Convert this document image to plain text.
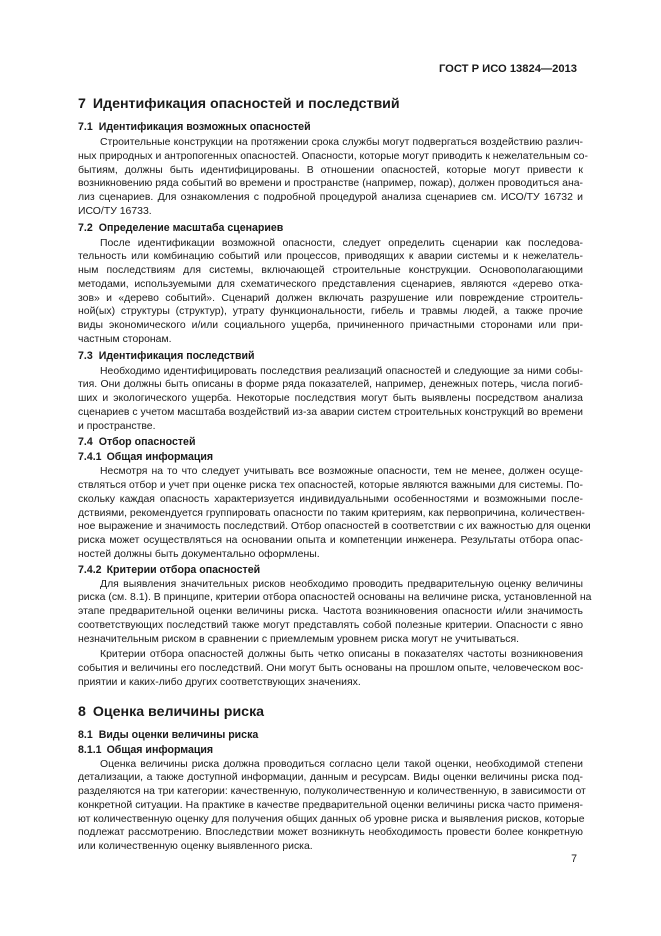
ГОСТ Р ИСО 13824—2013
7 Идентификация опасностей и последствий
7.1 Идентификация возможных опасностей

Строительные конструкции на протяжении срока службы могут подвергаться воздействию различ-
ных природных и антропогенных опасностей. Опасности, которые могут приводить к нежелательным со-
бытиям, должны быть идентифицированы. В отношении опасностей, которые могут привести к
возникновению ряда событий во времени и пространстве (например, пожар), должен проводиться ана-
лиз сценариев. Для ознакомления с подробной процедурой анализа сценариев см. ИСО/ТУ 16732 и
ИСО/ТУ 16733.

7.2 Определение масштаба сценариев

После идентификации возможной опасности, следует определить сценарии как последова-
тельность или комбинацию событий или процессов, приводящих к аварии системы и к нежелатель-
ным последствиям для системы, включающей строительные конструкции. Основополагающими
методами, используемыми для схематического представления сценариев, являются «дерево отка-
зов» и «дерево событий». Сценарий должен включать разрушение или повреждение строитель-
ной(ых) структуры (структур), утрату функциональности, гибель и травмы людей, а также прочие
виды экономического и/или социального ущерба, причиненного причастными сторонами или при-
частным сторонам.

7.3 Идентификация последствий

Необходимо идентифицировать последствия реализаций опасностей и следующие за ними собы-
тия. Они должны быть описаны в форме ряда показателей, например, денежных потерь, числа погиб-
ших и экологического ущерба. Некоторые последствия могут быть выявлены посредством анализа
сценариев с учетом масштаба воздействий из-за аварии систем строительных конструкций во времени
и пространстве.

7.4 Отбор опасностей
7.4.1 Общая информация

Несмотря на то что следует учитывать все возможные опасности, тем не менее, должен осуще-
ствляться отбор и учет при оценке риска тех опасностей, которые являются важными для системы. По-
скольку каждая опасность характеризуется индивидуальными особенностями и возможными послe-
дствиями, рекомендуется группировать опасности по таким критериям, как первопричина, количествен-
ное выражение и значимость последствий. Отбор опасностей в соответствии с их важностью для оценки
риска может осуществляться на основании опыта и компетенции инженера. Результаты отбора опас-
ностей должны быть документально оформлены.

7.4.2 Критерии отбора опасностей

Для выявления значительных рисков необходимо проводить предварительную оценку величины
риска (см. 8.1). В принципе, критерии отбора опасностей основаны на величине риска, установленной на
этапе предварительной оценки величины риска. Частота возникновения опасности и/или значимость
соответствующих последствий также могут представлять собой полезные критерии. Опасности с явно
незначительным риском в сравнении с приемлемым уровнем риска могут не учитываться.

Критерии отбора опасностей должны быть четко описаны в показателях частоты возникновения
события и величины его последствий. Они могут быть основаны на прошлом опыте, человеческом вос-
приятии и каких-либо других соответствующих значениях.

8 Оценка величины риска
8.1 Виды оценки величины риска
8.1.1 Общая информация

Оценка величины риска должна проводиться согласно цели такой оценки, необходимой степени
детализации, а также доступной информации, данным и ресурсам. Виды оценки величины риска под-
разделяются на три категории: качественную, полуколичественную и количественную, в зависимости от
конкретной ситуации. На практике в качестве предварительной оценки величины риска часто применя-
ют количественную оценку для получения общих данных об уровне риска и выявления рисков, которые
подлежат рассмотрению. Впоследствии может возникнуть необходимость провести более конкретную
или количественную оценку выявленного риска.

7
